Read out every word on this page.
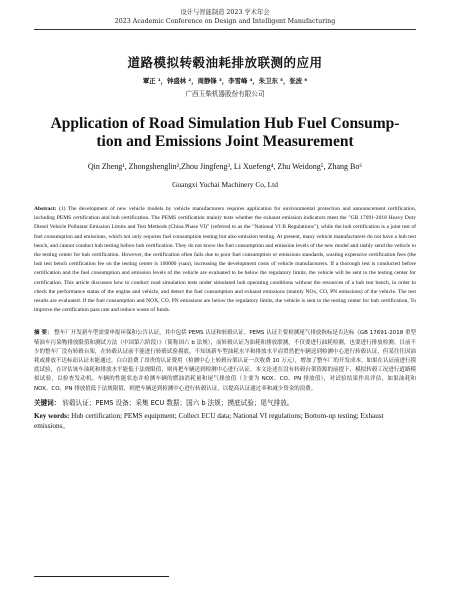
设计与智能制造 2023 学术年会
2023 Academic Conference on Design and Intelligent Manufacturing
道路模拟转毂油耗排放联测的应用
覃正 ¹，钟盛林 ²，周静锋 ³，李雪峰 ⁴，朱卫东 ⁵，张波 ⁶
广西玉柴机器股份有限公司
Application of Road Simulation Hub Fuel Consump-
tion and Emissions Joint Measurement
Qin Zheng¹, Zhongshenglin²,Zhou Jingfeng³, Li Xuefeng⁴, Zhu Weidong⁵, Zhang Bo⁶
Guangxi Yuchai Machinery Co, Ltd
Abstract: (1) The development of new vehicle models by vehicle manufacturers requires application for environmental protection and announcement certification, including PEMS certification and hub certification. The PEMS certification mainly tests whether the exhaust emission indicators meet the "GB 17691-2018 Heavy Duty Diesel Vehicle Pollutant Emission Limits and Test Methods (China Phase VI)" (referred to as the "National VI B Regulations"), while the hub certification is a joint test of fuel consumption and emissions, which not only requires fuel consumption testing but also emission testing. At present, many vehicle manufacturers do not have a hub test bench, and cannot conduct hub testing before hub certification. They do not know the fuel consumption and emission levels of the new model and rashly send the vehicle to the testing center for hub certification. However, the certification often fails due to poor fuel consumption or emissions standards, wasting expensive certification fees (the hub test bench certification fee on the testing center is 100000 yuan), increasing the development costs of vehicle manufacturers. If a thorough test is conducted before certification and the fuel consumption and emission levels of the vehicle are evaluated to be below the regulatory limits, the vehicle will be sent to the testing center for certification. This article discusses how to conduct road simulation tests under simulated hub operating conditions without the resources of a hub test bench, in order to check the performance status of the engine and vehicle, and detect the fuel consumption and exhaust emissions (mainly NOx, CO, PN emissions) of the vehicle. The test results are evaluated. If the fuel consumption and NOX, CO, PN emissions are below the regulatory limits, the vehicle is sent to the testing center for hub certification, To improve the certification pass rate and reduce waste of funds.
摘 要： 整车厂开发新车型需要申报环保和公告认证，其中包括 PEMS 认证和转毂认证。PEMS 认证主要检测尾气排放指标是否达标《GB 17691-2018 重型柴油车污染物排放限值和测试方法（中国第六阶段）》（简称国六 b 法规），而转毂认证为油耗和排放联测，不仅要进行油耗检测，也要进行排放检测。目前不少的整车厂没有转毂台架，在转毂认证前不能进行转毂试验摸底，不知该新车型油耗水平和排放水平而贸然把车辆送到检测中心进行转毂认证，但某往往因油耗或排放不达标而认证未能通过，白白浪费了昂贵的认证费用（检测中心上转毂台架认证一次收费 10 万元），增加了整车厂的开发成本。如果在认证前进行摸底试验，在评估该车油耗和排放水平能低于法规限值，则再把车辆送到检测中心进行认证。本文论述在没有转毂台架资源的前提下，模拟转毂工况进行道路模拟试验，以检查发动机、车辆的性能状态并检测车辆的燃油消耗量和尾气排放值（主要为 NOX、CO、PN 排放值），对试验结果作出评估，如果油耗和 NOX、CO、PN 排放值低于法规限值，则把车辆送到检测中心进行转毂认证，以提高认证通过率和减少资金的浪费。
关键词： 转毂认证；PEMS 设备；采集 ECU 数据；国六 b 法规；摸底试验；尾气排放。
Key words: Hub certification; PEMS equipment; Collect ECU data; National VI regulations; Bottom-up testing; Exhaust emissions。
